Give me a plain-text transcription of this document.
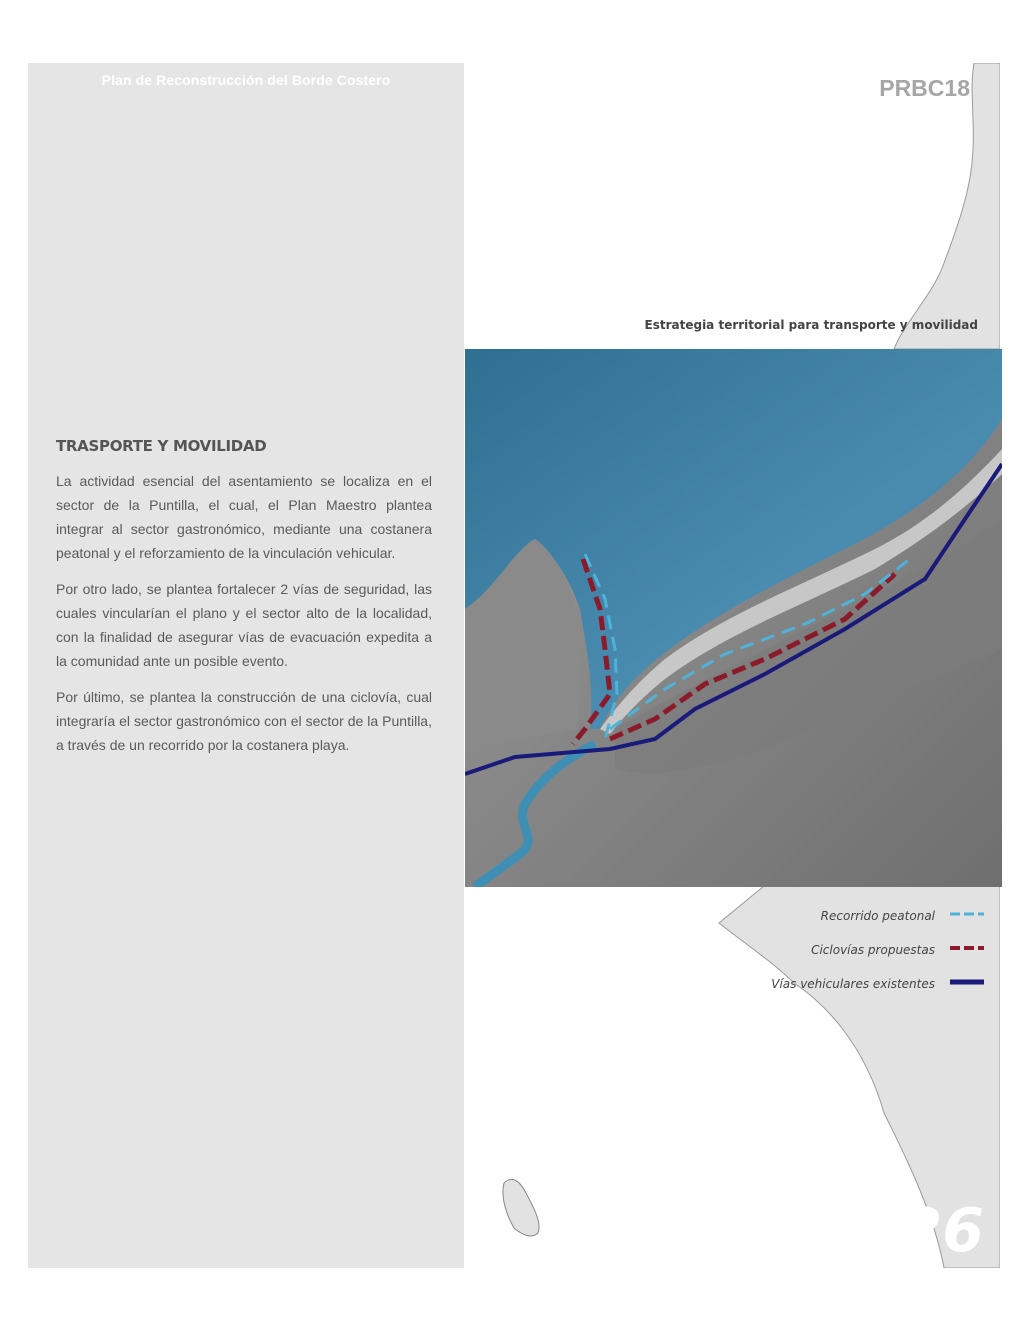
Plan de Reconstrucción del Borde Costero
TRASPORTE Y MOVILIDAD

La actividad esencial del asentamiento se localiza en el sector de la Puntilla, el cual, el Plan Maestro plantea integrar al sector gastronómico, mediante una costanera peatonal y el reforzamiento de la vinculación vehicular.

Por otro lado, se plantea fortalecer 2 vías de seguridad, las cuales vincularían el plano y el sector alto de la localidad, con la finalidad de asegurar vías de evacuación expedita a la comunidad ante un posible evento.

Por último, se plantea la construcción de una ciclovía, cual integraría el sector gastronómico con el sector de la Puntilla, a través de un recorrido por la costanera playa.

PRBC18
Estrategia territorial para transporte y movilidad
Recorrido peatonal
Ciclovías propuestas
Vías vehiculares existentes
26
